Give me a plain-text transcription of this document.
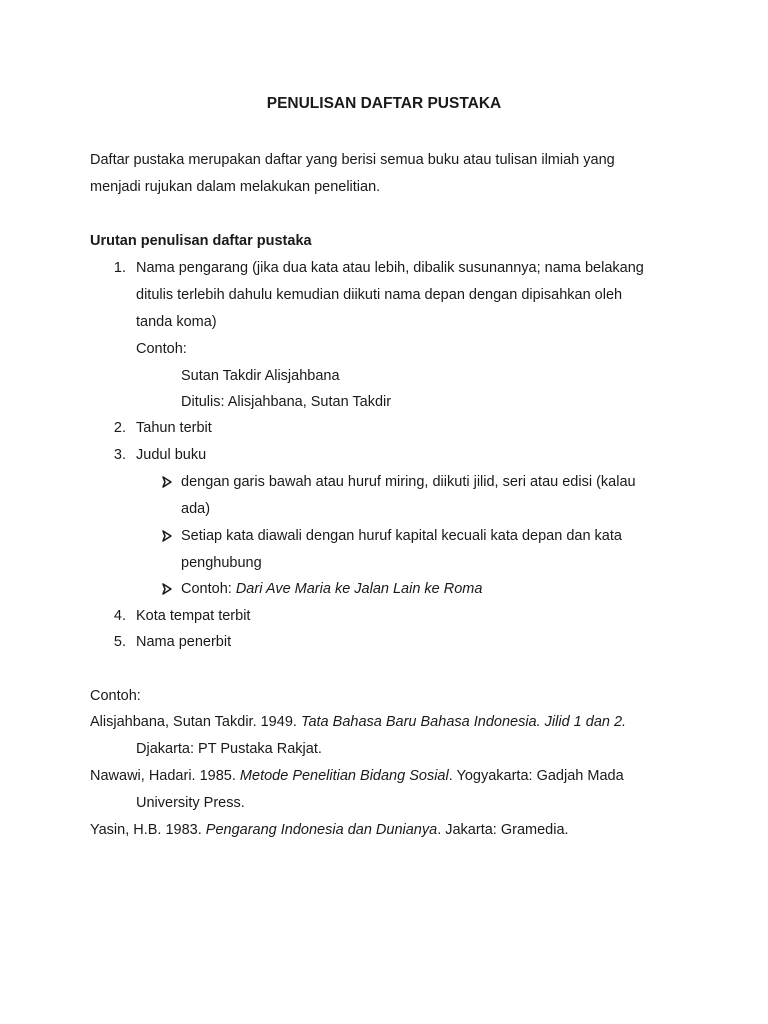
PENULISAN DAFTAR PUSTAKA
Daftar pustaka merupakan daftar yang berisi semua buku atau tulisan ilmiah yang
menjadi rujukan dalam melakukan penelitian.
Urutan penulisan daftar pustaka
1. Nama pengarang (jika dua kata atau lebih, dibalik susunannya; nama belakang
ditulis terlebih dahulu kemudian diikuti nama depan dengan dipisahkan oleh
tanda koma)
Contoh:
Sutan Takdir Alisjahbana
Ditulis: Alisjahbana, Sutan Takdir
2. Tahun terbit
3. Judul buku
dengan garis bawah atau huruf miring, diikuti jilid, seri atau edisi (kalau
ada)
Setiap kata diawali dengan huruf kapital kecuali kata depan dan kata
penghubung
Contoh: Dari Ave Maria ke Jalan Lain ke Roma
4. Kota tempat terbit
5. Nama penerbit
Contoh:
Alisjahbana, Sutan Takdir. 1949. Tata Bahasa Baru Bahasa Indonesia. Jilid 1 dan 2.
Djakarta: PT Pustaka Rakjat.
Nawawi, Hadari. 1985. Metode Penelitian Bidang Sosial. Yogyakarta: Gadjah Mada
University Press.
Yasin, H.B. 1983. Pengarang Indonesia dan Dunianya. Jakarta: Gramedia.
